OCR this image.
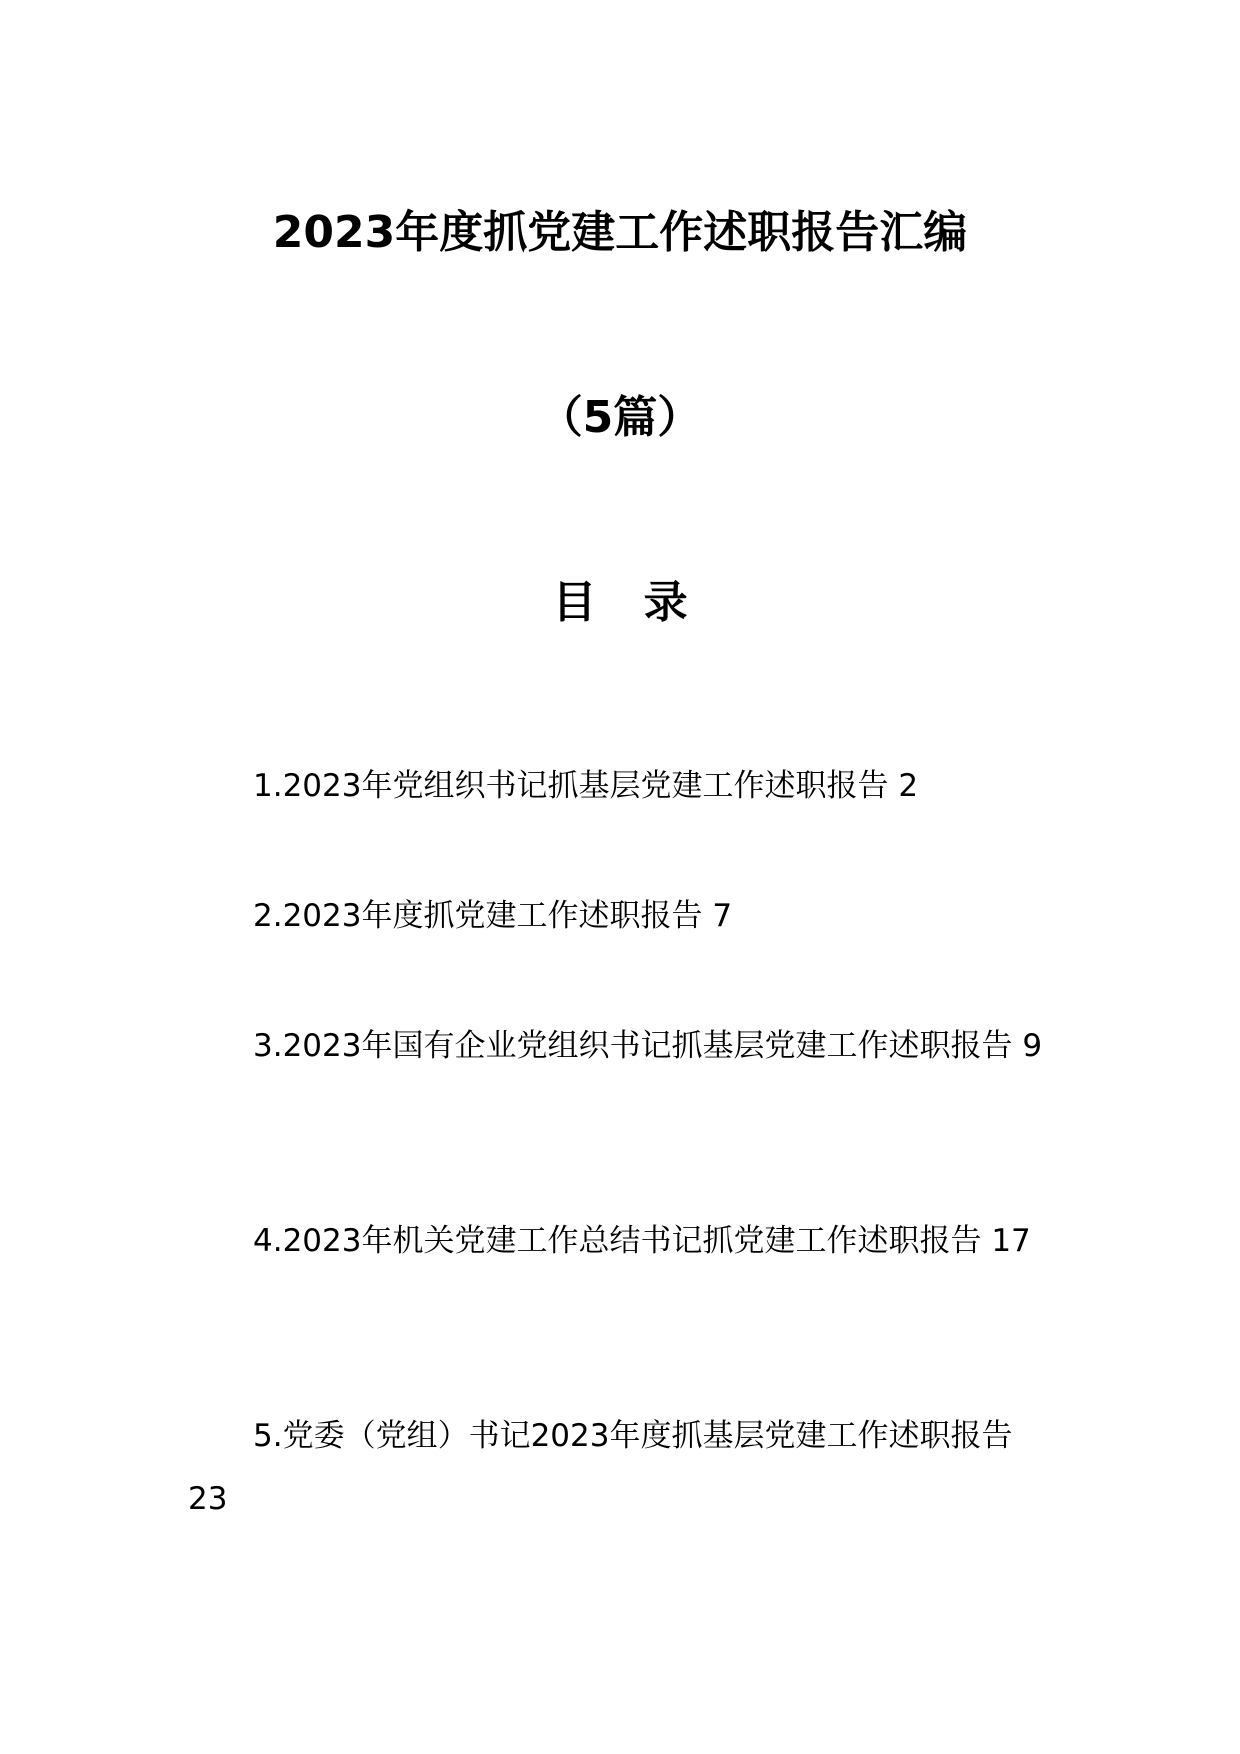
2023年度抓党建工作述职报告汇编
（5篇）
目 录
1.2023年党组织书记抓基层党建工作述职报告 2
2.2023年度抓党建工作述职报告 7
3.2023年国有企业党组织书记抓基层党建工作述职报告 9
4.2023年机关党建工作总结书记抓党建工作述职报告 17
5.党委（党组）书记2023年度抓基层党建工作述职报告 23
